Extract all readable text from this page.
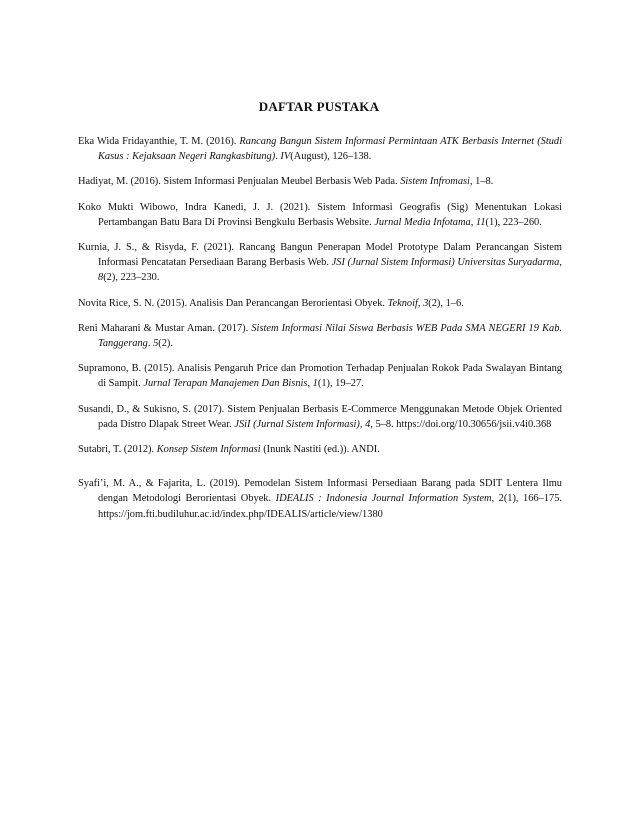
DAFTAR PUSTAKA

Eka Wida Fridayanthie, T. M. (2016). Rancang Bangun Sistem Informasi Permintaan ATK Berbasis Internet (Studi Kasus : Kejaksaan Negeri Rangkasbitung). IV(August), 126–138.

Hadiyat, M. (2016). Sistem Informasi Penjualan Meubel Berbasis Web Pada. Sistem Infromasi, 1–8.

Koko Mukti Wibowo, Indra Kanedi, J. J. (2021). Sistem Informasi Geografis (Sig) Menentukan Lokasi Pertambangan Batu Bara Di Provinsi Bengkulu Berbasis Website. Jurnal Media Infotama, 11(1), 223–260.

Kurnia, J. S., & Risyda, F. (2021). Rancang Bangun Penerapan Model Prototype Dalam Perancangan Sistem Informasi Pencatatan Persediaan Barang Berbasis Web. JSI (Jurnal Sistem Informasi) Universitas Suryadarma, 8(2), 223–230.

Novita Rice, S. N. (2015). Analisis Dan Perancangan Berorientasi Obyek. Teknoif, 3(2), 1–6.

Reni Maharani & Mustar Aman. (2017). Sistem Informasi Nilai Siswa Berbasis WEB Pada SMA NEGERI 19 Kab. Tanggerang. 5(2).

Supramono, B. (2015). Analisis Pengaruh Price dan Promotion Terhadap Penjualan Rokok Pada Swalayan Bintang di Sampit. Jurnal Terapan Manajemen Dan Bisnis, 1(1), 19–27.

Susandi, D., & Sukisno, S. (2017). Sistem Penjualan Berbasis E-Commerce Menggunakan Metode Objek Oriented pada Distro Dlapak Street Wear. JSiI (Jurnal Sistem Informasi), 4, 5–8. https://doi.org/10.30656/jsii.v4i0.368

Sutabri, T. (2012). Konsep Sistem Informasi (Inunk Nastiti (ed.)). ANDI.

Syafi’i, M. A., & Fajarita, L. (2019). Pemodelan Sistem Informasi Persediaan Barang pada SDIT Lentera Ilmu dengan Metodologi Berorientasi Obyek. IDEALIS : Indonesia Journal Information System, 2(1), 166–175. https://jom.fti.budiluhur.ac.id/index.php/IDEALIS/article/view/1380
